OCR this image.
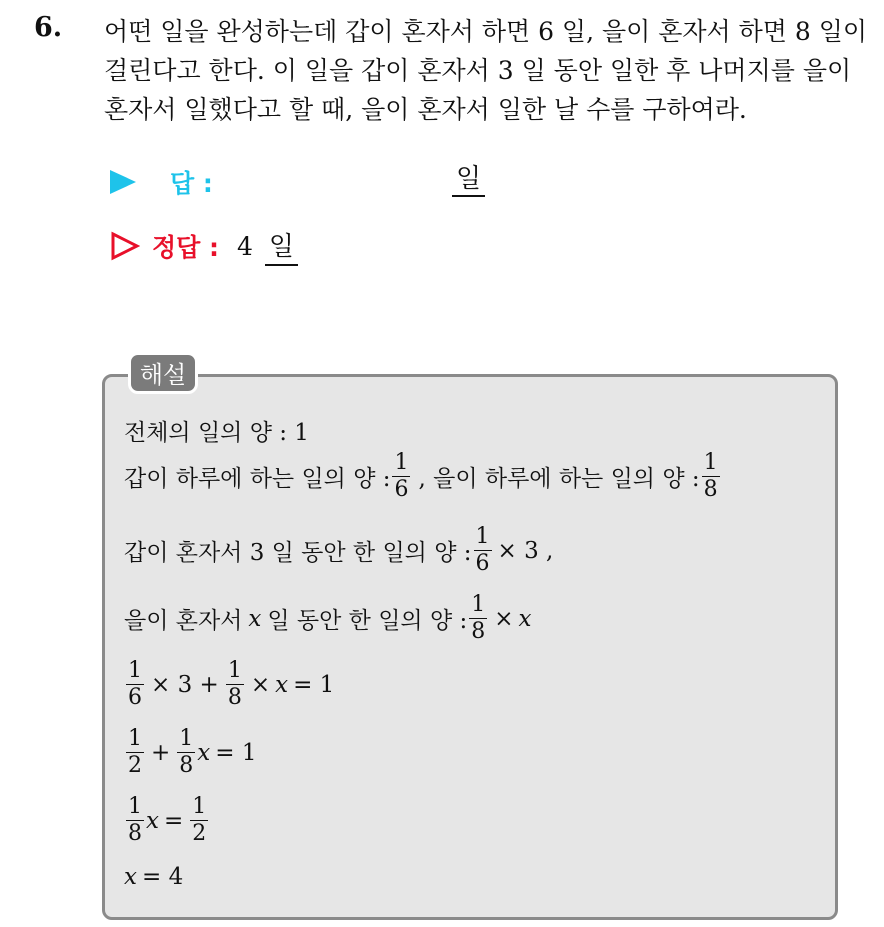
6. 어떤 일을 완성하는데 갑이 혼자서 하면 6 일, 을이 혼자서 하면 8 일이
걸린다고 한다. 이 일을 갑이 혼자서 3 일 동안 일한 후 나머지를 을이
혼자서 일했다고 할 때, 을이 혼자서 일한 날 수를 구하여라.
답 :	일
정답 : 4 일
해설
전체의 일의 양 : 1
갑이 하루에 하는 일의 양 : $\frac{1}{6}$ , 을이 하루에 하는 일의 양 : $\frac{1}{8}$
갑이 혼자서 3 일 동안 한 일의 양 : $\frac{1}{6} \times 3$ ,
을이 혼자서 x 일 동안 한 일의 양 : $\frac{1}{8} \times x$
$\frac{1}{6} \times 3 + \frac{1}{8} \times x = 1$
$\frac{1}{2} + \frac{1}{8}$ x = 1
$\frac{1}{8}$ $x = \frac{1}{2}$
x = 4
